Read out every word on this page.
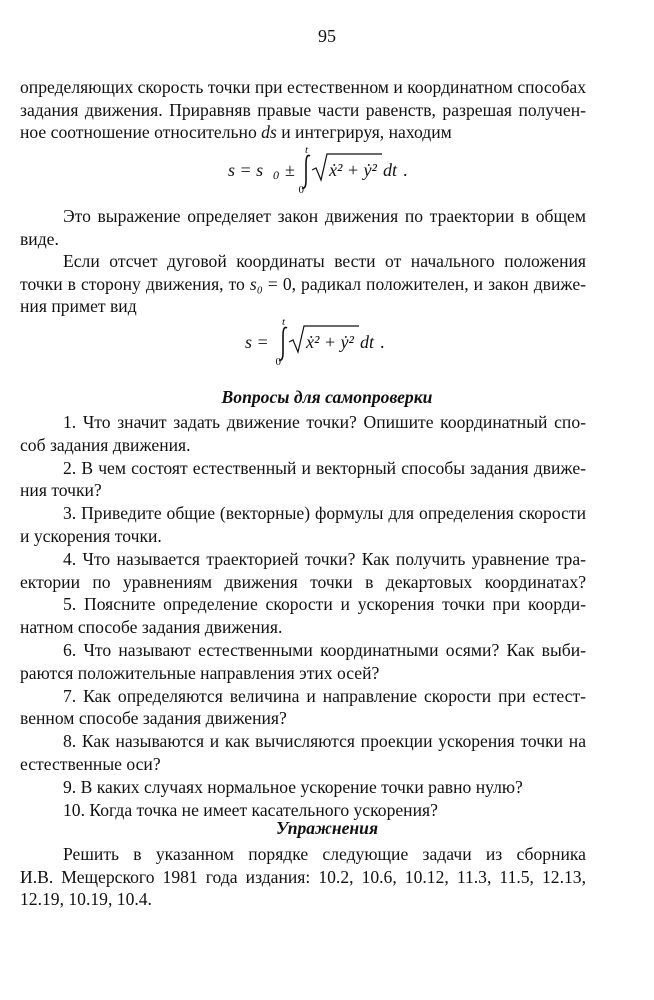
95
определяющих скорость точки при естественном и координатном способах
задания движения. Приравняв правые части равенств, разрешая получен-
ное соотношение относительно ds и интегрируя, находим
s = s 0 ±
t
0
ẋ² + ẏ² dt .
Это выражение определяет закон движения по траектории в общем
виде.
Если отсчет дуговой координаты вести от начального положения
точки в сторону движения, то s₀ = 0, радикал положителен, и закон движе-
ния примет вид
s =
t
0
ẋ² + ẏ² dt .
Вопросы для самопроверки
1. Что значит задать движение точки? Опишите координатный спо-
соб задания движения.
2. В чем состоят естественный и векторный способы задания движе-
ния точки?
3. Приведите общие (векторные) формулы для определения скорости
и ускорения точки.
4. Что называется траекторией точки? Как получить уравнение тра-
ектории по уравнениям движения точки в декартовых координатах?
5. Поясните определение скорости и ускорения точки при коорди-
натном способе задания движения.
6. Что называют естественными координатными осями? Как выби-
раются положительные направления этих осей?
7. Как определяются величина и направление скорости при естест-
венном способе задания движения?
8. Как называются и как вычисляются проекции ускорения точки на
естественные оси?
9. В каких случаях нормальное ускорение точки равно нулю?
10. Когда точка не имеет касательного ускорения?
Упражнения
Решить в указанном порядке следующие задачи из сборника
И.В. Мещерского 1981 года издания: 10.2, 10.6, 10.12, 11.3, 11.5, 12.13,
12.19, 10.19, 10.4.
